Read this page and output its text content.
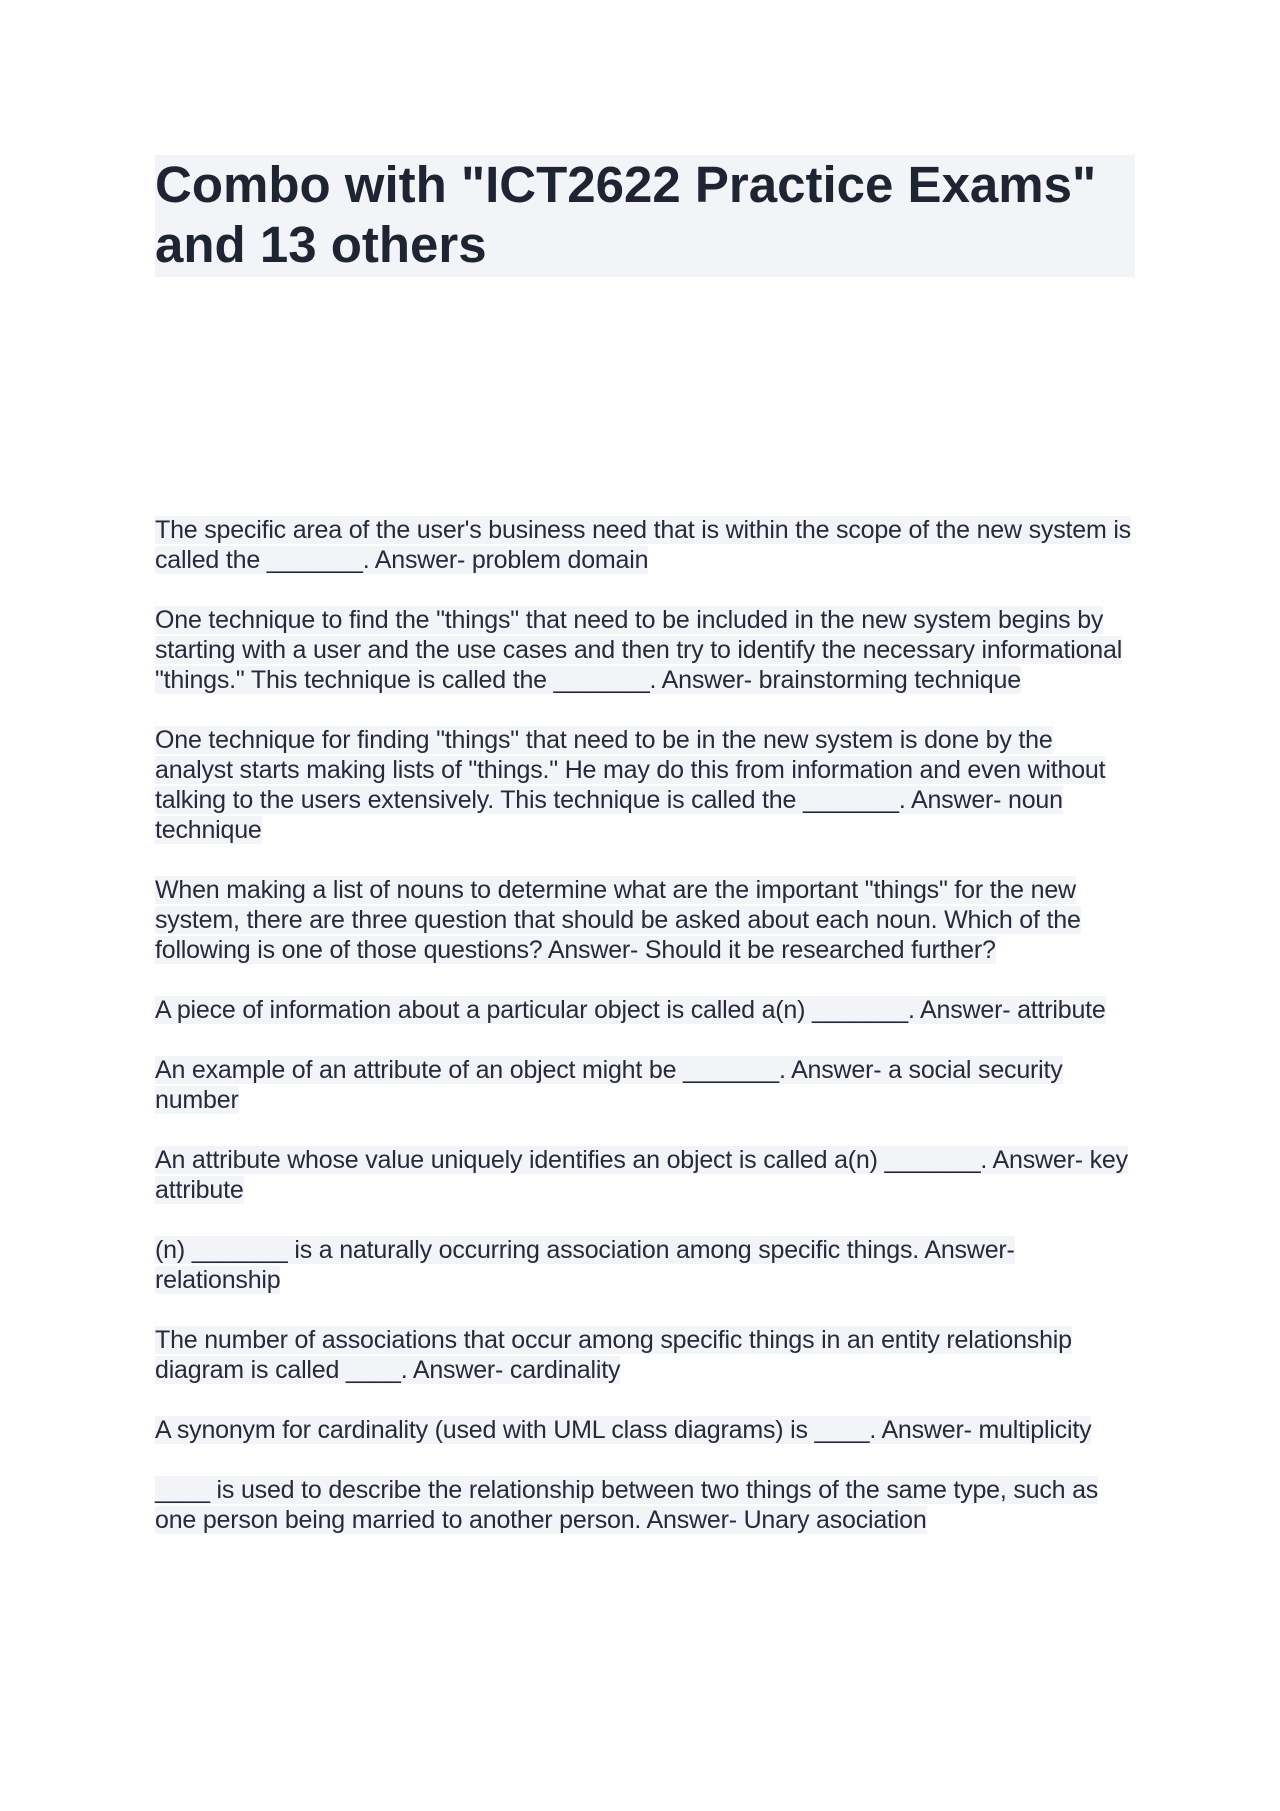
Combo with "ICT2622 Practice Exams" and 13 others

The specific area of the user's business need that is within the scope of the new system is called the _______. Answer- problem domain

One technique to find the "things" that need to be included in the new system begins by starting with a user and the use cases and then try to identify the necessary informational "things." This technique is called the _______. Answer- brainstorming technique

One technique for finding "things" that need to be in the new system is done by the analyst starts making lists of "things." He may do this from information and even without talking to the users extensively. This technique is called the _______. Answer- noun technique

When making a list of nouns to determine what are the important "things" for the new system, there are three question that should be asked about each noun. Which of the following is one of those questions? Answer- Should it be researched further?

A piece of information about a particular object is called a(n) _______. Answer- attribute

An example of an attribute of an object might be _______. Answer- a social security number

An attribute whose value uniquely identifies an object is called a(n) _______. Answer- key attribute

(n) _______ is a naturally occurring association among specific things. Answer- relationship

The number of associations that occur among specific things in an entity relationship diagram is called ____. Answer- cardinality

A synonym for cardinality (used with UML class diagrams) is ____. Answer- multiplicity

____ is used to describe the relationship between two things of the same type, such as one person being married to another person. Answer- Unary asociation
